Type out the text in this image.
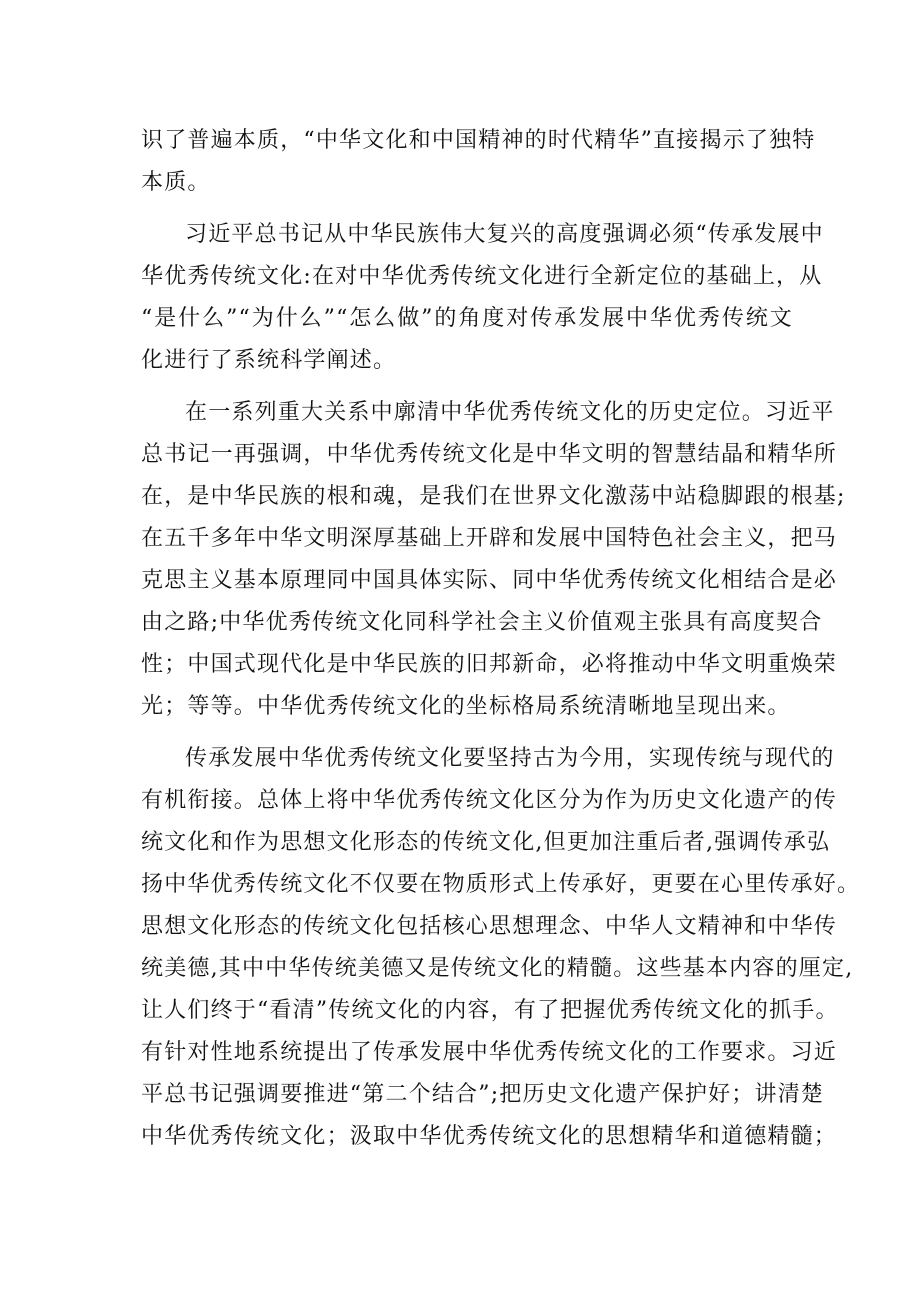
识了普遍本质，“中华文化和中国精神的时代精华”直接揭示了独特
本质。
习近平总书记从中华民族伟大复兴的高度强调必须“传承发展中
华优秀传统文化:在对中华优秀传统文化进行全新定位的基础上，从
“是什么”“为什么”“怎么做”的角度对传承发展中华优秀传统文
化进行了系统科学阐述。
在一系列重大关系中廓清中华优秀传统文化的历史定位。习近平
总书记一再强调，中华优秀传统文化是中华文明的智慧结晶和精华所
在，是中华民族的根和魂，是我们在世界文化激荡中站稳脚跟的根基;
在五千多年中华文明深厚基础上开辟和发展中国特色社会主义，把马
克思主义基本原理同中国具体实际、同中华优秀传统文化相结合是必
由之路;中华优秀传统文化同科学社会主义价值观主张具有高度契合
性；中国式现代化是中华民族的旧邦新命，必将推动中华文明重焕荣
光；等等。中华优秀传统文化的坐标格局系统清晰地呈现出来。
传承发展中华优秀传统文化要坚持古为今用，实现传统与现代的
有机衔接。总体上将中华优秀传统文化区分为作为历史文化遗产的传
统文化和作为思想文化形态的传统文化,但更加注重后者,强调传承弘
扬中华优秀传统文化不仅要在物质形式上传承好，更要在心里传承好。
思想文化形态的传统文化包括核心思想理念、中华人文精神和中华传
统美德,其中中华传统美德又是传统文化的精髓。这些基本内容的厘定,
让人们终于“看清”传统文化的内容，有了把握优秀传统文化的抓手。
有针对性地系统提出了传承发展中华优秀传统文化的工作要求。习近
平总书记强调要推进“第二个结合”;把历史文化遗产保护好；讲清楚
中华优秀传统文化；汲取中华优秀传统文化的思想精华和道德精髓；
